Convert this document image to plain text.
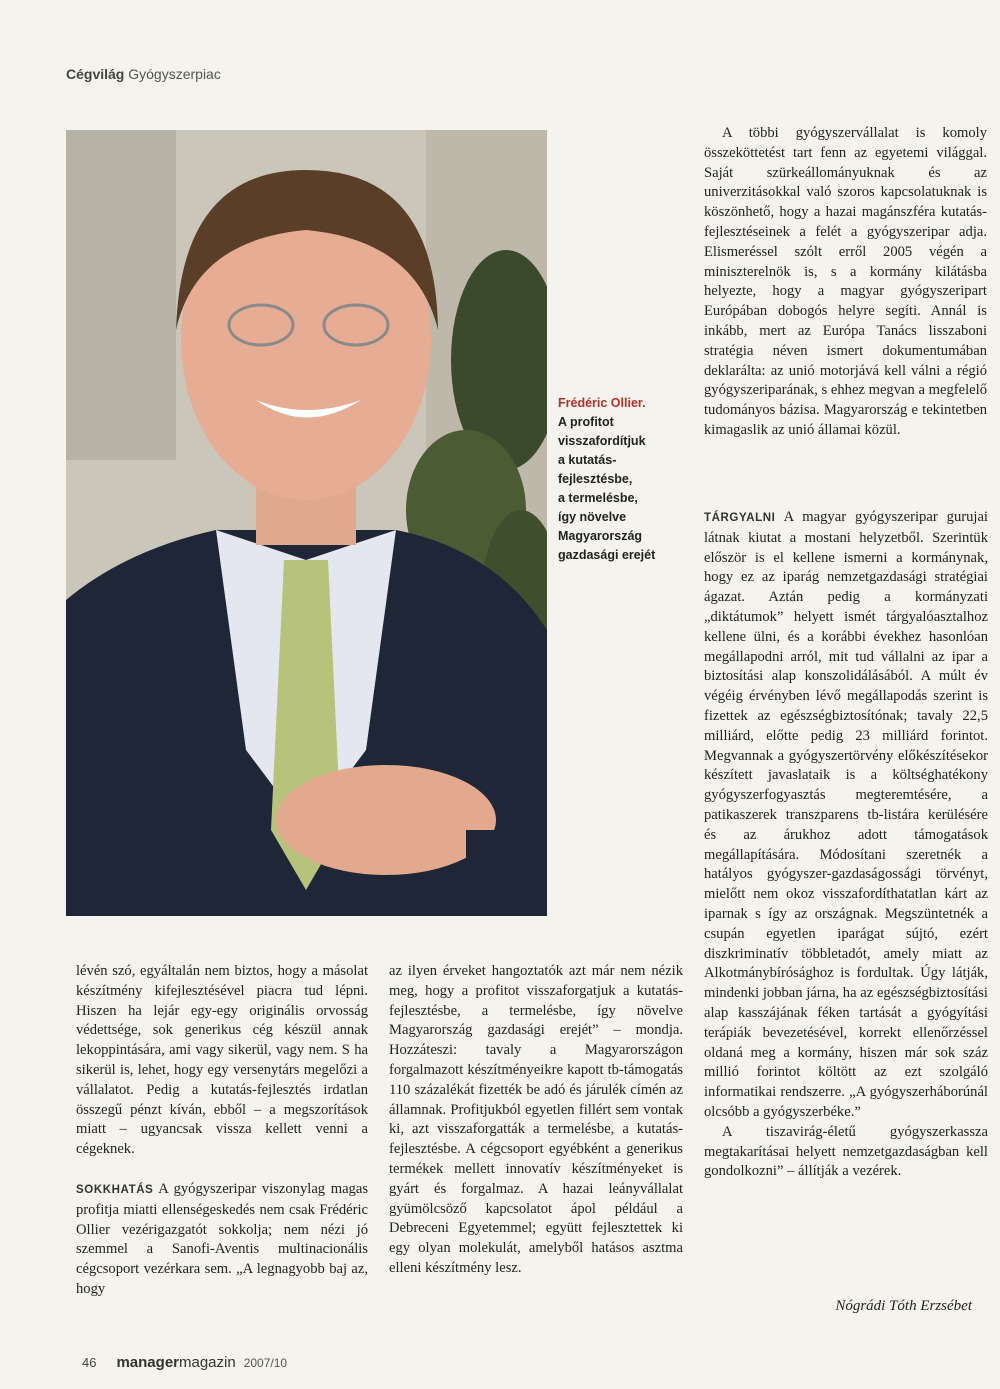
Cégvilág Gyógyszerpiac
Frédéric Ollier.
A profitot
visszafordítjuk
a kutatás-
fejlesztésbe,
a termelésbe,
így növelve
Magyarország
gazdasági erejét

lévén szó, egyáltalán nem biztos, hogy a másolat készítmény kifejlesztésével piacra tud lépni. Hiszen ha lejár egy-egy originális orvosság védettsége, sok generikus cég készül annak lekoppintására, ami vagy sikerül, vagy nem. S ha sikerül is, lehet, hogy egy versenytárs megelőzi a vállalatot. Pedig a kutatás-fejlesztés irdatlan összegű pénzt kíván, ebből – a megszorítások miatt – ugyancsak vissza kellett venni a cégeknek.

SOKKHATÁS A gyógyszeripar viszonylag magas profitja miatti ellenségeskedés nem csak Frédéric Ollier vezérigazgatót sokkolja; nem nézi jó szemmel a Sanofi-Aventis multinacionális cégcsoport vezérkara sem. „A legnagyobb baj az, hogy

az ilyen érveket hangoztatók azt már nem nézik meg, hogy a profitot visszaforgatjuk a kutatás-fejlesztésbe, a termelésbe, így növelve Magyarország gazdasági erejét” – mondja. Hozzáteszi: tavaly a Magyarországon forgalmazott készítményeikre kapott tb-támogatás 110 százalékát fizették be adó és járulék címén az államnak. Profitjukból egyetlen fillért sem vontak ki, azt visszaforgatták a termelésbe, a kutatás-fejlesztésbe. A cégcsoport egyébként a generikus termékek mellett innovatív készítményeket is gyárt és forgalmaz. A hazai leányvállalat gyümölcsöző kapcsolatot ápol például a Debreceni Egyetemmel; együtt fejlesztettek ki egy olyan molekulát, amelyből hatásos asztma elleni készítmény lesz.

A többi gyógyszervállalat is komoly összeköttetést tart fenn az egyetemi világgal. Saját szürkeállományuknak és az univerzitásokkal való szoros kapcsolatuknak is köszönhető, hogy a hazai magánszféra kutatás-fejlesztéseinek a felét a gyógyszeripar adja. Elismeréssel szólt erről 2005 végén a miniszterelnök is, s a kormány kilátásba helyezte, hogy a magyar gyógyszeripart Európában dobogós helyre segíti. Annál is inkább, mert az Európa Tanács lisszaboni stratégia néven ismert dokumentumában deklarálta: az unió motorjává kell válni a régió gyógyszeriparának, s ehhez megvan a megfelelő tudományos bázisa. Magyarország e tekintetben kimagaslik az unió államai közül.

TÁRGYALNI A magyar gyógyszeripar gurujai látnak kiutat a mostani helyzetből. Szerintük először is el kellene ismerni a kormánynak, hogy ez az iparág nemzetgazdasági stratégiai ágazat. Aztán pedig a kormányzati „diktátumok” helyett ismét tárgyalóasztalhoz kellene ülni, és a korábbi évekhez hasonlóan megállapodni arról, mit tud vállalni az ipar a biztosítási alap konszolidálásából. A múlt év végéig érvényben lévő megállapodás szerint is fizettek az egészségbiztosítónak; tavaly 22,5 milliárd, előtte pedig 23 milliárd forintot. Megvannak a gyógyszertörvény előkészítésekor készített javaslataik is a költséghatékony gyógyszerfogyasztás megteremtésére, a patikaszerek transzparens tb-listára kerülésére és az árukhoz adott támogatások megállapítására. Módosítani szeretnék a hatályos gyógyszer-gazdaságossági törvényt, mielőtt nem okoz visszafordíthatatlan kárt az iparnak s így az országnak. Megszüntetnék a csupán egyetlen iparágat sújtó, ezért diszkriminatív többletadót, amely miatt az Alkotmánybírósághoz is fordultak. Úgy látják, mindenki jobban járna, ha az egészségbiztosítási alap kasszájának féken tartását a gyógyítási terápiák bevezetésével, korrekt ellenőrzéssel oldaná meg a kormány, hiszen már sok száz millió forintot költött az ezt szolgáló informatikai rendszerre. „A gyógyszerháborúnál olcsóbb a gyógyszerbéke.”

A tiszavirág-életű gyógyszerkassza megtakarításai helyett nemzetgazdaságban kell gondolkozni” – állítják a vezérek.

Nógrádi Tóth Erzsébet
46 managermagazin 2007/10
